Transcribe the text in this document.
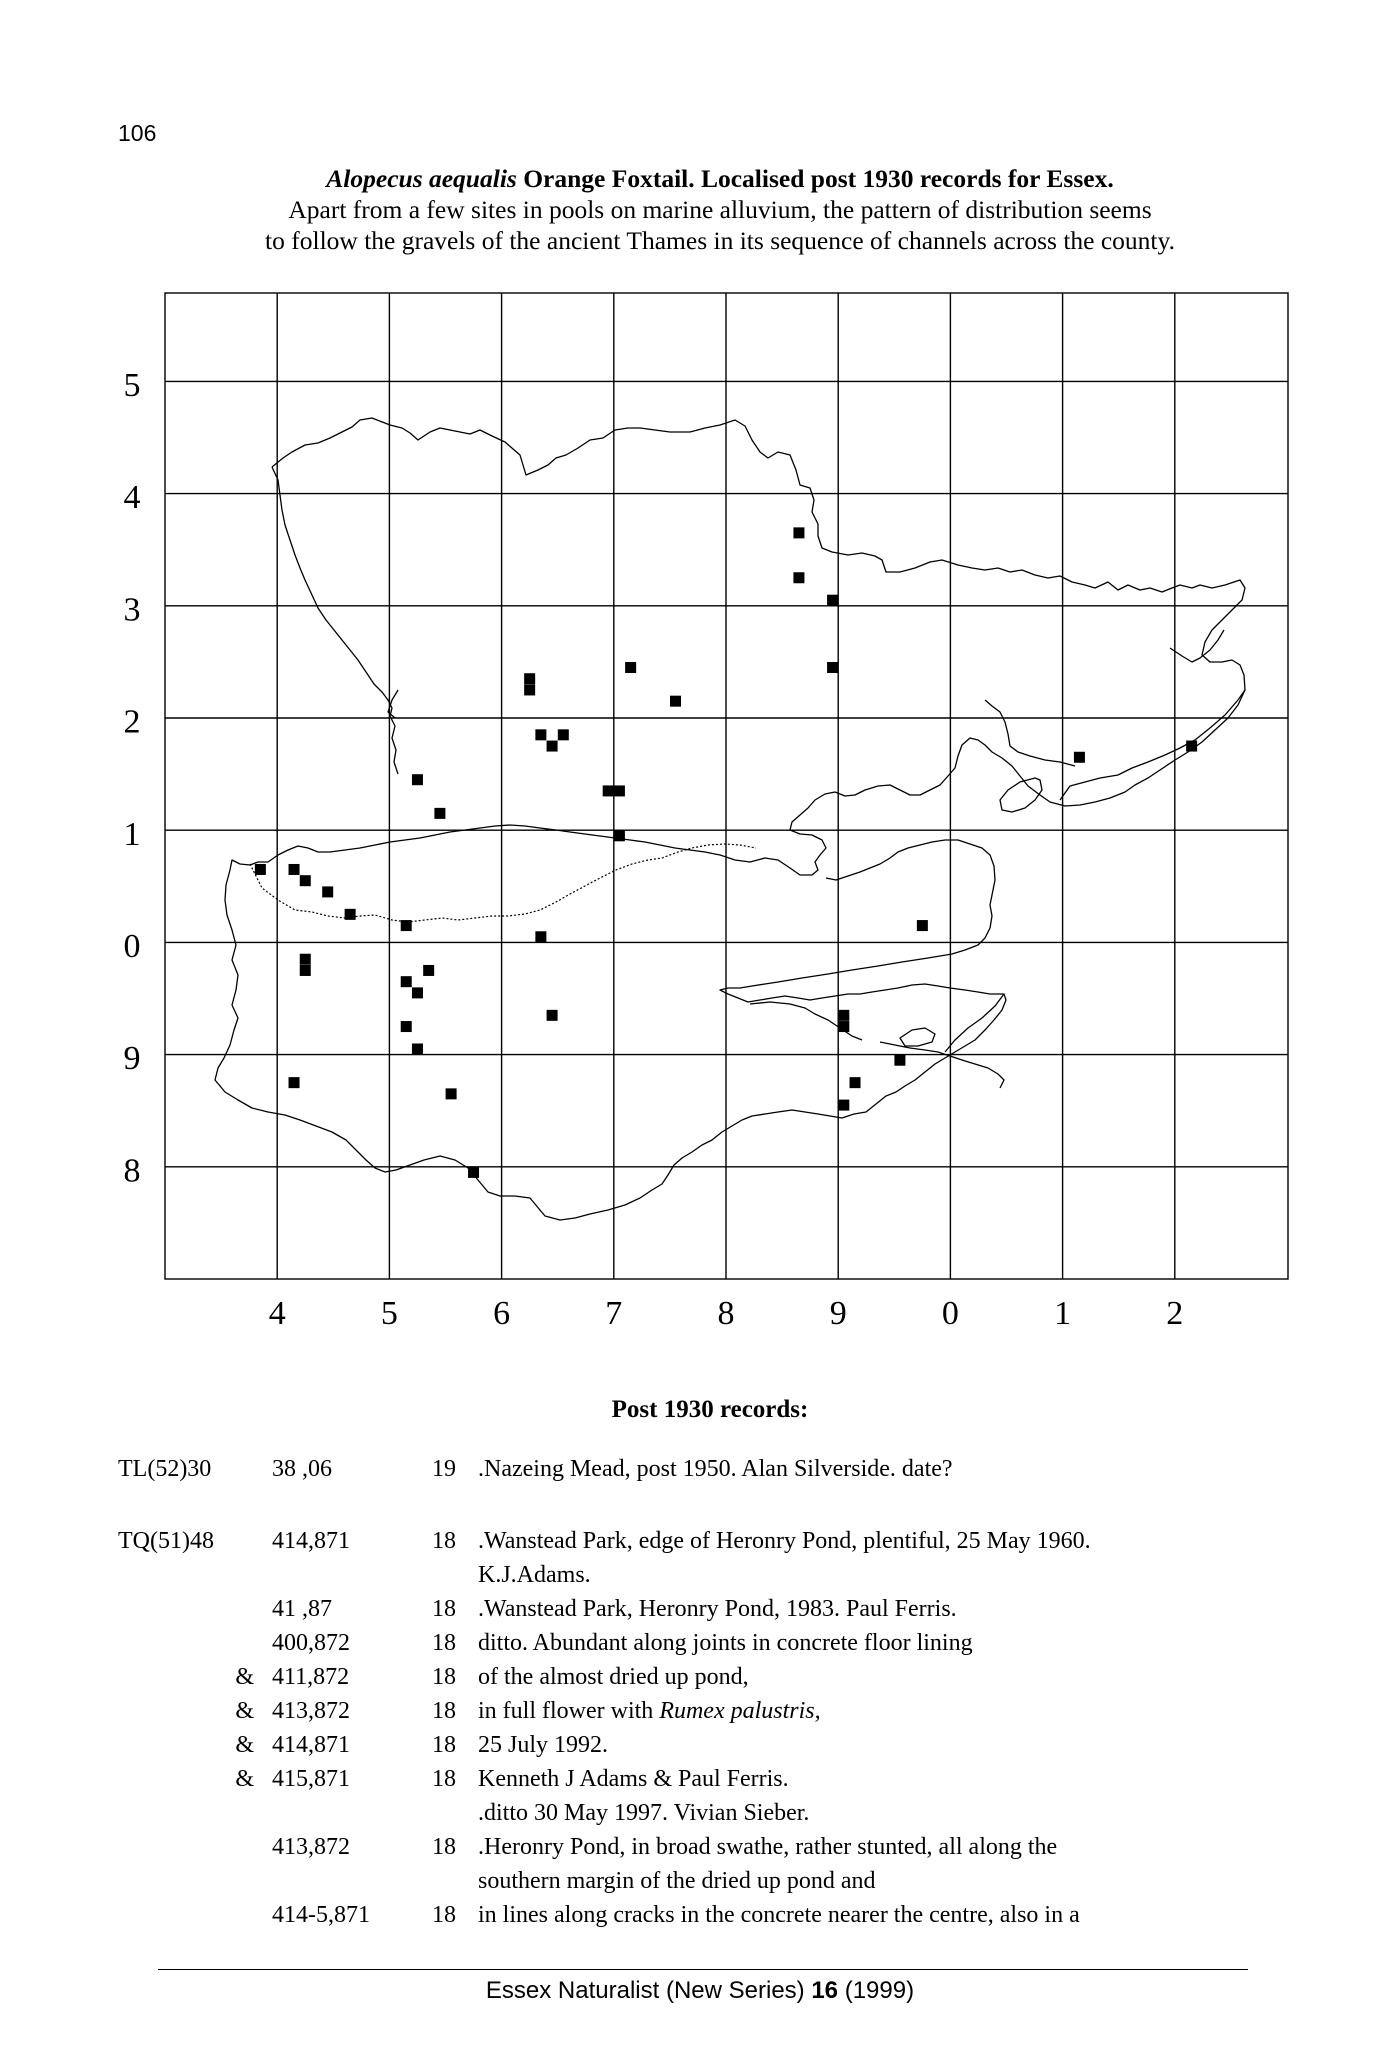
106
Alopecus aequalis Orange Foxtail. Localised post 1930 records for Essex.
Apart from a few sites in pools on marine alluvium, the pattern of distribution seems
to follow the gravels of the ancient Thames in its sequence of channels across the county.
5
4
3
2
1
0
9
8
4	5	6	7	8	9	0	1	2
Post 1930 records:
TL(52)30	38 ,06	19 .Nazeing Mead, post 1950. Alan Silverside. date?
TQ(51)48	414,871	18 .Wanstead Park, edge of Heronry Pond, plentiful, 25 May 1960.
K.J.Adams.
41 ,87	18 .Wanstead Park, Heronry Pond, 1983. Paul Ferris.
400,872	18 ditto. Abundant along joints in concrete floor lining
& 411,872	18 of the almost dried up pond,
& 413,872	18 in full flower with Rumex palustris,
& 414,871	18 25 July 1992.
& 415,871	18 Kenneth J Adams & Paul Ferris.
.ditto 30 May 1997. Vivian Sieber.
413,872	18 .Heronry Pond, in broad swathe, rather stunted, all along the
southern margin of the dried up pond and
414-5,871	18 in lines along cracks in the concrete nearer the centre, also in a
Essex Naturalist (New Series) 16 (1999)
